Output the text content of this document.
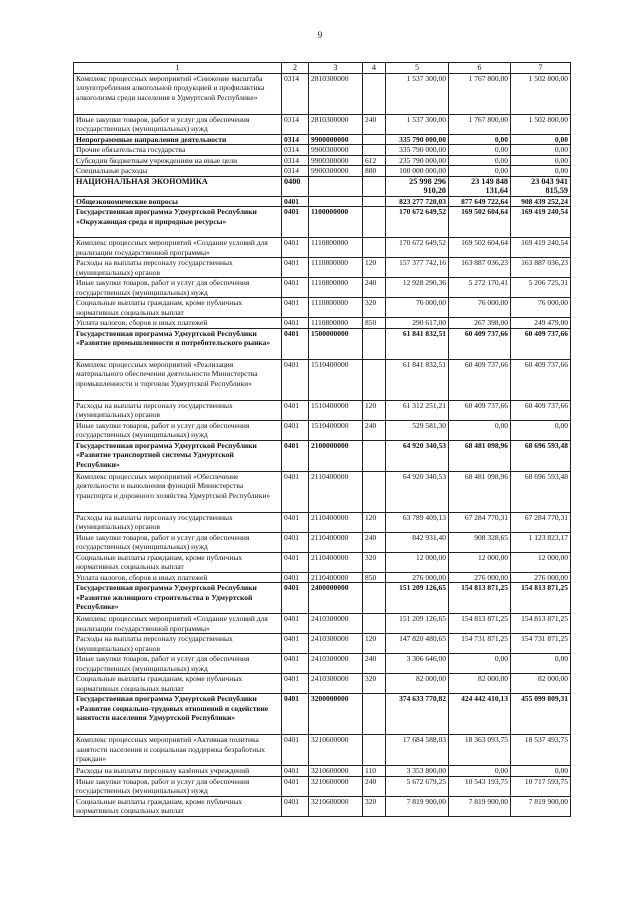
9
1	2	3	4	5	6	7
Комплекс процессных мероприятий «Снижение масштаба злоупотребления алкогольной продукцией и профилактика алкоголизма среди населения в Удмуртской Республике»	0314	2810300000		1 537 300,00	1 767 800,00	1 502 800,00
Иные закупки товаров, работ и услуг для обеспечения государственных (муниципальных) нужд	0314	2810300000	240	1 537 300,00	1 767 800,00	1 502 800,00
Непрограммные направления деятельности	0314	9900000000		335 790 000,00	0,00	0,00
Прочие обязательства государства	0314	9900300000		335 790 000,00	0,00	0,00
Субсидии бюджетным учреждениям на иные цели	0314	9900300000	612	235 790 000,00	0,00	0,00
Специальные расходы	0314	9900300000	880	100 000 000,00	0,00	0,00
НАЦИОНАЛЬНАЯ ЭКОНОМИКА	0400			25 998 296 910,20	23 149 848 131,64	23 043 941 815,59
Общеэкономические вопросы	0401			823 277 720,03	877 649 722,64	908 439 252,24
Государственная программа Удмуртской Республики «Окружающая среда и природные ресурсы»	0401	1100000000		170 672 649,52	169 502 604,64	169 419 240,54
Комплекс процессных мероприятий «Создание условий для реализации государственной программы»	0401	1110800000		170 672 649,52	169 502 604,64	169 419 240,54
Расходы на выплаты персоналу государственных (муниципальных) органов	0401	1110800000	120	157 377 742,16	163 887 036,23	163 887 036,23
Иные закупки товаров, работ и услуг для обеспечения государственных (муниципальных) нужд	0401	1110800000	240	12 928 290,36	5 272 170,41	5 206 725,31
Социальные выплаты гражданам, кроме публичных нормативных социальных выплат	0401	1110800000	320	76 000,00	76 000,00	76 000,00
Уплата налогов, сборов и иных платежей	0401	1110800000	850	290 617,00	267 398,00	249 479,00
Государственная программа Удмуртской Республики «Развитие промышленности и потребительского рынка»	0401	1500000000		61 841 832,51	60 409 737,66	60 409 737,66
Комплекс процессных мероприятий «Реализация материального обеспечения деятельности Министерства промышленности и торговли Удмуртской Республики»	0401	1510400000		61 841 832,51	60 409 737,66	60 409 737,66
Расходы на выплаты персоналу государственных (муниципальных) органов	0401	1510400000	120	61 312 251,21	60 409 737,66	60 409 737,66
Иные закупки товаров, работ и услуг для обеспечения государственных (муниципальных) нужд	0401	1510400000	240	529 581,30	0,00	0,00
Государственная программа Удмуртской Республики «Развитие транспортной системы Удмуртской Республики»	0401	2100000000		64 920 340,53	68 481 098,96	68 696 593,48
Комплекс процессных мероприятий «Обеспечение деятельности и выполнения функций Министерства транспорта и дорожного хозяйства Удмуртской Республики»	0401	2110400000		64 920 340,53	68 481 098,96	68 696 593,48
Расходы на выплаты персоналу государственных (муниципальных) органов	0401	2110400000	120	63 789 409,13	67 284 770,31	67 284 770,31
Иные закупки товаров, работ и услуг для обеспечения государственных (муниципальных) нужд	0401	2110400000	240	842 931,40	908 328,65	1 123 823,17
Социальные выплаты гражданам, кроме публичных нормативных социальных выплат	0401	2110400000	320	12 000,00	12 000,00	12 000,00
Уплата налогов, сборов и иных платежей	0401	2110400000	850	276 000,00	276 000,00	276 000,00
Государственная программа Удмуртской Республики «Развитие жилищного строительства в Удмуртской Республике»	0401	2400000000		151 209 126,65	154 813 871,25	154 813 871,25
Комплекс процессных мероприятий «Создание условий для реализации государственной программы»	0401	2410300000		151 209 126,65	154 813 871,25	154 813 871,25
Расходы на выплаты персоналу государственных (муниципальных) органов	0401	2410300000	120	147 820 480,65	154 731 871,25	154 731 871,25
Иные закупки товаров, работ и услуг для обеспечения государственных (муниципальных) нужд	0401	2410300000	240	3 306 646,00	0,00	0,00
Социальные выплаты гражданам, кроме публичных нормативных социальных выплат	0401	2410300000	320	82 000,00	82 000,00	82 000,00
Государственная программа Удмуртской Республики «Развитие социально-трудовых отношений и содействие занятости населения Удмуртской Республики»	0401	3200000000		374 633 770,82	424 442 410,13	455 099 809,31
Комплекс процессных мероприятий «Активная политика занятости населения и социальная поддержка безработных граждан»	0401	3210600000		17 684 588,03	18 363 093,75	18 537 493,75
Расходы на выплаты персоналу казённых учреждений	0401	3210600000	110	3 353 800,00	0,00	0,00
Иные закупки товаров, работ и услуг для обеспечения государственных (муниципальных) нужд	0401	3210600000	240	5 672 679,25	10 543 193,75	10 717 593,75
Социальные выплаты гражданам, кроме публичных нормативных социальных выплат	0401	3210600000	320	7 819 900,00	7 819 900,00	7 819 900,00
